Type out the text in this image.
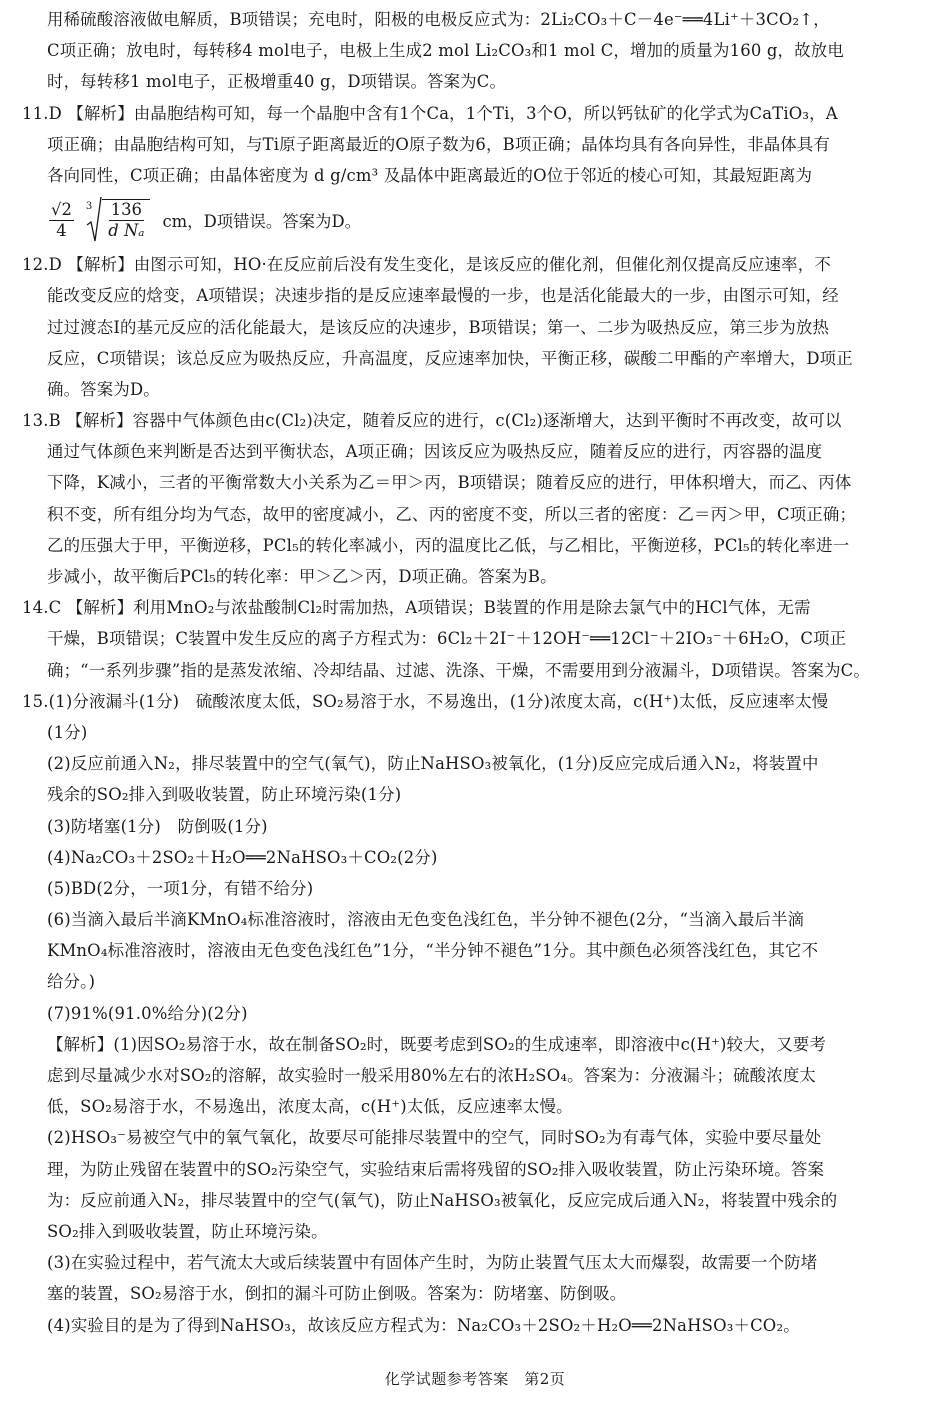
用稀硫酸溶液做电解质，B项错误；充电时，阳极的电极反应式为：2Li₂CO₃＋C－4e⁻══4Li⁺＋3CO₂↑，
C项正确；放电时，每转移4 mol电子，电极上生成2 mol Li₂CO₃和1 mol C，增加的质量为160 g，故放电
时，每转移1 mol电子，正极增重40 g，D项错误。答案为C。
11.D 【解析】由晶胞结构可知，每一个晶胞中含有1个Ca，1个Ti，3个O，所以钙钛矿的化学式为CaTiO₃，A
项正确；由晶胞结构可知，与Ti原子距离最近的O原子数为6，B项正确；晶体均具有各向异性，非晶体具有
各向同性，C项正确；由晶体密度为 d g/cm³ 及晶体中距离最近的O位于邻近的棱心可知，其最短距离为
$\frac{√2}{4} 3 \frac{136}{\text{d Nₐ}}$ cm，D项错误。答案为D。
12.D 【解析】由图示可知，HO·在反应前后没有发生变化，是该反应的催化剂，但催化剂仅提高反应速率，不
能改变反应的焓变，A项错误；决速步指的是反应速率最慢的一步，也是活化能最大的一步，由图示可知，经
过过渡态Ⅰ的基元反应的活化能最大，是该反应的决速步，B项错误；第一、二步为吸热反应，第三步为放热
反应，C项错误；该总反应为吸热反应，升高温度，反应速率加快，平衡正移，碳酸二甲酯的产率增大，D项正
确。答案为D。
13.B 【解析】容器中气体颜色由c(Cl₂)决定，随着反应的进行，c(Cl₂)逐渐增大，达到平衡时不再改变，故可以
通过气体颜色来判断是否达到平衡状态，A项正确；因该反应为吸热反应，随着反应的进行，丙容器的温度
下降，K减小，三者的平衡常数大小关系为乙＝甲＞丙，B项错误；随着反应的进行，甲体积增大，而乙、丙体
积不变，所有组分均为气态，故甲的密度减小，乙、丙的密度不变，所以三者的密度：乙＝丙＞甲，C项正确；
乙的压强大于甲，平衡逆移，PCl₅的转化率减小，丙的温度比乙低，与乙相比，平衡逆移，PCl₅的转化率进一
步减小，故平衡后PCl₅的转化率：甲＞乙＞丙，D项正确。答案为B。
14.C 【解析】利用MnO₂与浓盐酸制Cl₂时需加热，A项错误；B装置的作用是除去氯气中的HCl气体，无需
干燥，B项错误；C装置中发生反应的离子方程式为：6Cl₂＋2I⁻＋12OH⁻══12Cl⁻＋2IO₃⁻＋6H₂O，C项正
确；“一系列步骤”指的是蒸发浓缩、冷却结晶、过滤、洗涤、干燥，不需要用到分液漏斗，D项错误。答案为C。
15.(1)分液漏斗(1分)　硫酸浓度太低，SO₂易溶于水，不易逸出，(1分)浓度太高，c(H⁺)太低，反应速率太慢
(1分)
(2)反应前通入N₂，排尽装置中的空气(氧气)，防止NaHSO₃被氧化，(1分)反应完成后通入N₂，将装置中
残余的SO₂排入到吸收装置，防止环境污染(1分)
(3)防堵塞(1分)　防倒吸(1分)
(4)Na₂CO₃＋2SO₂＋H₂O══2NaHSO₃＋CO₂(2分)
(5)BD(2分，一项1分，有错不给分)
(6)当滴入最后半滴KMnO₄标准溶液时，溶液由无色变色浅红色，半分钟不褪色(2分，“当滴入最后半滴
KMnO₄标准溶液时，溶液由无色变色浅红色”1分，“半分钟不褪色”1分。其中颜色必须答浅红色，其它不
给分。)
(7)91%(91.0%给分)(2分)
【解析】(1)因SO₂易溶于水，故在制备SO₂时，既要考虑到SO₂的生成速率，即溶液中c(H⁺)较大，又要考
虑到尽量减少水对SO₂的溶解，故实验时一般采用80%左右的浓H₂SO₄。答案为：分液漏斗；硫酸浓度太
低，SO₂易溶于水，不易逸出，浓度太高，c(H⁺)太低，反应速率太慢。
(2)HSO₃⁻易被空气中的氧气氧化，故要尽可能排尽装置中的空气，同时SO₂为有毒气体，实验中要尽量处
理，为防止残留在装置中的SO₂污染空气，实验结束后需将残留的SO₂排入吸收装置，防止污染环境。答案
为：反应前通入N₂，排尽装置中的空气(氧气)，防止NaHSO₃被氧化，反应完成后通入N₂，将装置中残余的
SO₂排入到吸收装置，防止环境污染。
(3)在实验过程中，若气流太大或后续装置中有固体产生时，为防止装置气压太大而爆裂，故需要一个防堵
塞的装置，SO₂易溶于水，倒扣的漏斗可防止倒吸。答案为：防堵塞、防倒吸。
(4)实验目的是为了得到NaHSO₃，故该反应方程式为：Na₂CO₃＋2SO₂＋H₂O══2NaHSO₃＋CO₂。
化学试题参考答案　第2页
